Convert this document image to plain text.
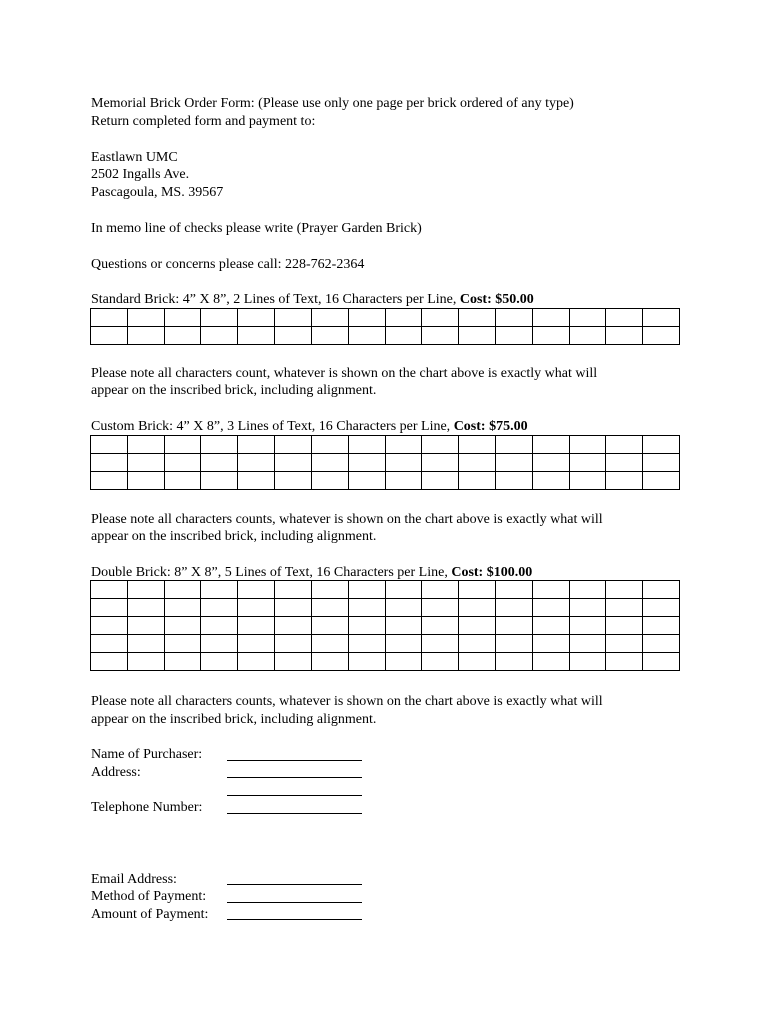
Memorial Brick Order Form: (Please use only one page per brick ordered of any type)
Return completed form and payment to:
Eastlawn UMC
2502 Ingalls Ave.
Pascagoula, MS. 39567
In memo line of checks please write (Prayer Garden Brick)
Questions or concerns please call: 228-762-2364
Standard Brick: 4” X 8”, 2 Lines of Text, 16 Characters per Line, Cost: $50.00

Please note all characters count, whatever is shown on the chart above is exactly what will
appear on the inscribed brick, including alignment.
Custom Brick: 4” X 8”, 3 Lines of Text, 16 Characters per Line, Cost: $75.00

Please note all characters counts, whatever is shown on the chart above is exactly what will
appear on the inscribed brick, including alignment.
Double Brick: 8” X 8”, 5 Lines of Text, 16 Characters per Line, Cost: $100.00

Please note all characters counts, whatever is shown on the chart above is exactly what will
appear on the inscribed brick, including alignment.
Name of Purchaser:
Address:
Telephone Number:
Email Address:
Method of Payment:
Amount of Payment:
